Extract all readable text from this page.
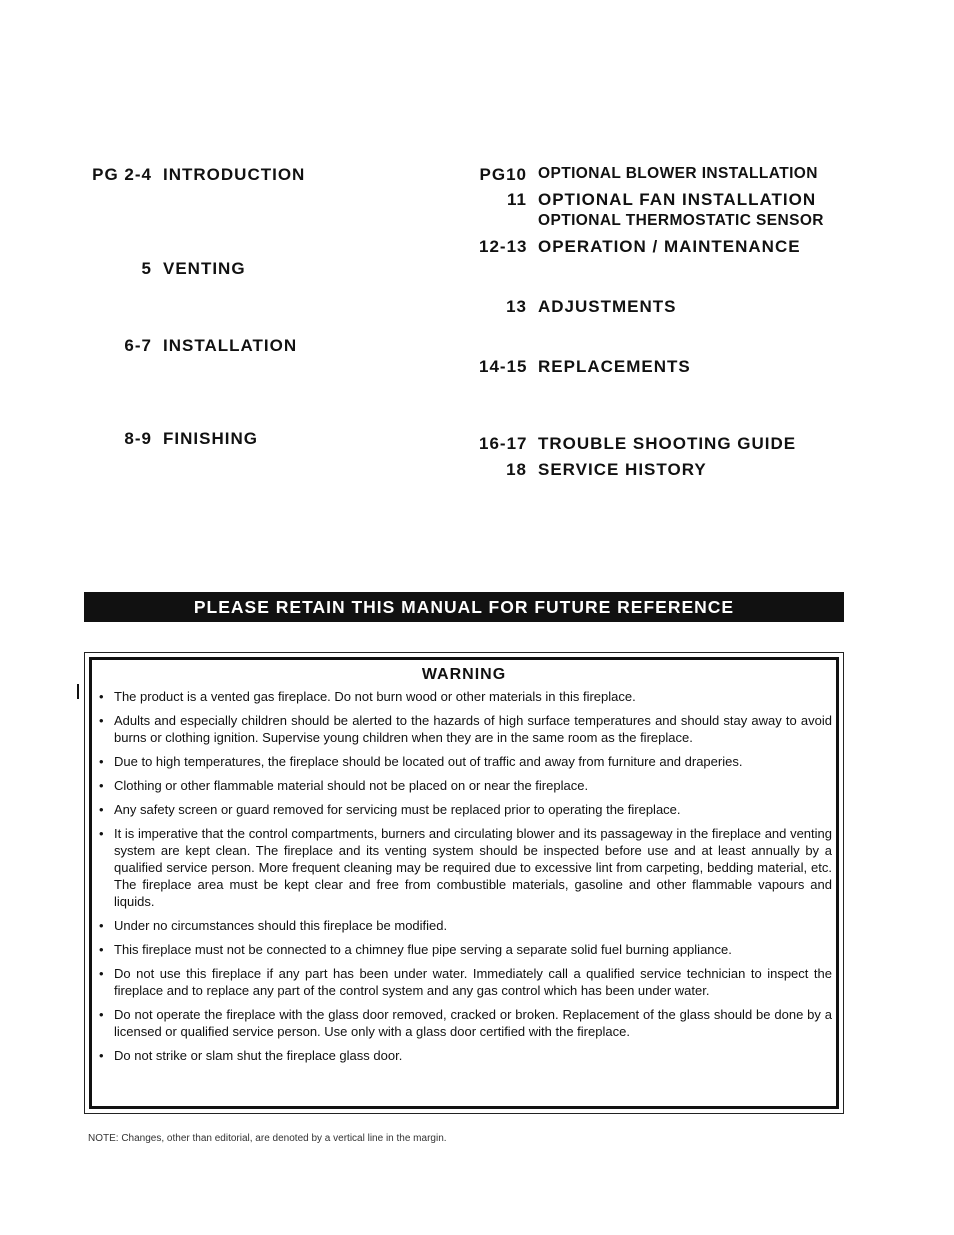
PG 2-4 INTRODUCTION
5 VENTING
6-7 INSTALLATION
8-9 FINISHING
PG10 OPTIONAL BLOWER INSTALLATION
11 OPTIONAL FAN INSTALLATION
OPTIONAL THERMOSTATIC SENSOR
12-13 OPERATION / MAINTENANCE
13 ADJUSTMENTS
14-15 REPLACEMENTS
16-17 TROUBLE SHOOTING GUIDE
18 SERVICE HISTORY
PLEASE RETAIN THIS MANUAL FOR FUTURE REFERENCE
WARNING
• The product is a vented gas fireplace. Do not burn wood or other materials in this fireplace.
• Adults and especially children should be alerted to the hazards of high surface temperatures and should stay away to avoid burns or clothing ignition. Supervise young children when they are in the same room as the fireplace.
• Due to high temperatures, the fireplace should be located out of traffic and away from furniture and draperies.
• Clothing or other flammable material should not be placed on or near the fireplace.
• Any safety screen or guard removed for servicing must be replaced prior to operating the fireplace.
• It is imperative that the control compartments, burners and circulating blower and its passageway in the fireplace and venting system are kept clean. The fireplace and its venting system should be inspected before use and at least annually by a qualified service person. More frequent cleaning may be required due to excessive lint from carpeting, bedding material, etc. The fireplace area must be kept clear and free from combustible materials, gasoline and other flammable vapours and liquids.
• Under no circumstances should this fireplace be modified.
• This fireplace must not be connected to a chimney flue pipe serving a separate solid fuel burning appliance.
• Do not use this fireplace if any part has been under water. Immediately call a qualified service technician to inspect the fireplace and to replace any part of the control system and any gas control which has been under water.
• Do not operate the fireplace with the glass door removed, cracked or broken. Replacement of the glass should be done by a licensed or qualified service person. Use only with a glass door certified with the fireplace.
• Do not strike or slam shut the fireplace glass door.
NOTE: Changes, other than editorial, are denoted by a vertical line in the margin.
